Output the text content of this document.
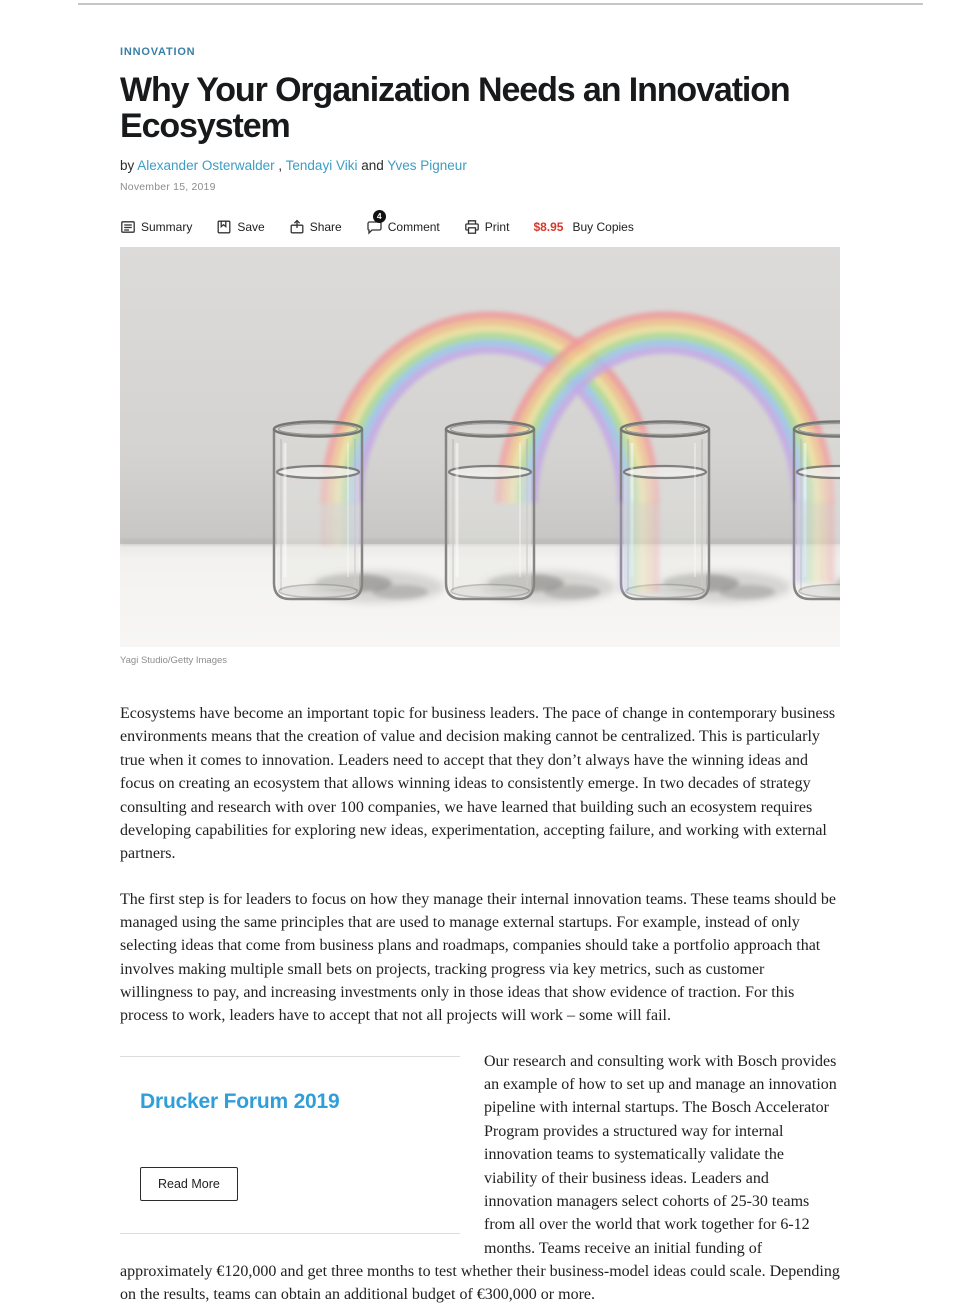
INNOVATION
Why Your Organization Needs an Innovation Ecosystem
by Alexander Osterwalder , Tendayi Viki and Yves Pigneur
November 15, 2019
Summary	Save	Share
4
Comment	Print $8.95 Buy Copies
Yagi Studio/Getty Images

Ecosystems have become an important topic for business leaders. The pace of change in contemporary business environments means that the creation of value and decision making cannot be centralized. This is particularly true when it comes to innovation. Leaders need to accept that they don’t always have the winning ideas and focus on creating an ecosystem that allows winning ideas to consistently emerge. In two decades of strategy consulting and research with over 100 companies, we have learned that building such an ecosystem requires developing capabilities for exploring new ideas, experimentation, accepting failure, and working with external partners.

The first step is for leaders to focus on how they manage their internal innovation teams. These teams should be managed using the same principles that are used to manage external startups. For example, instead of only selecting ideas that come from business plans and roadmaps, companies should take a portfolio approach that involves making multiple small bets on projects, tracking progress via key metrics, such as customer willingness to pay, and increasing investments only in those ideas that show evidence of traction. For this process to work, leaders have to accept that not all projects will work – some will fail.

Drucker Forum 2019

Read More
Our research and consulting work with Bosch provides an example of how to set up and manage an innovation pipeline with internal startups. The Bosch Accelerator Program provides a structured way for internal innovation teams to systematically validate the viability of their business ideas. Leaders and innovation managers select cohorts of 25-30 teams from all over the world that work together for 6-12 months. Teams receive an initial funding of approximately €120,000 and get three months to test whether their business-model ideas could scale. Depending on the results, teams can obtain an additional budget of €300,000 or more.
